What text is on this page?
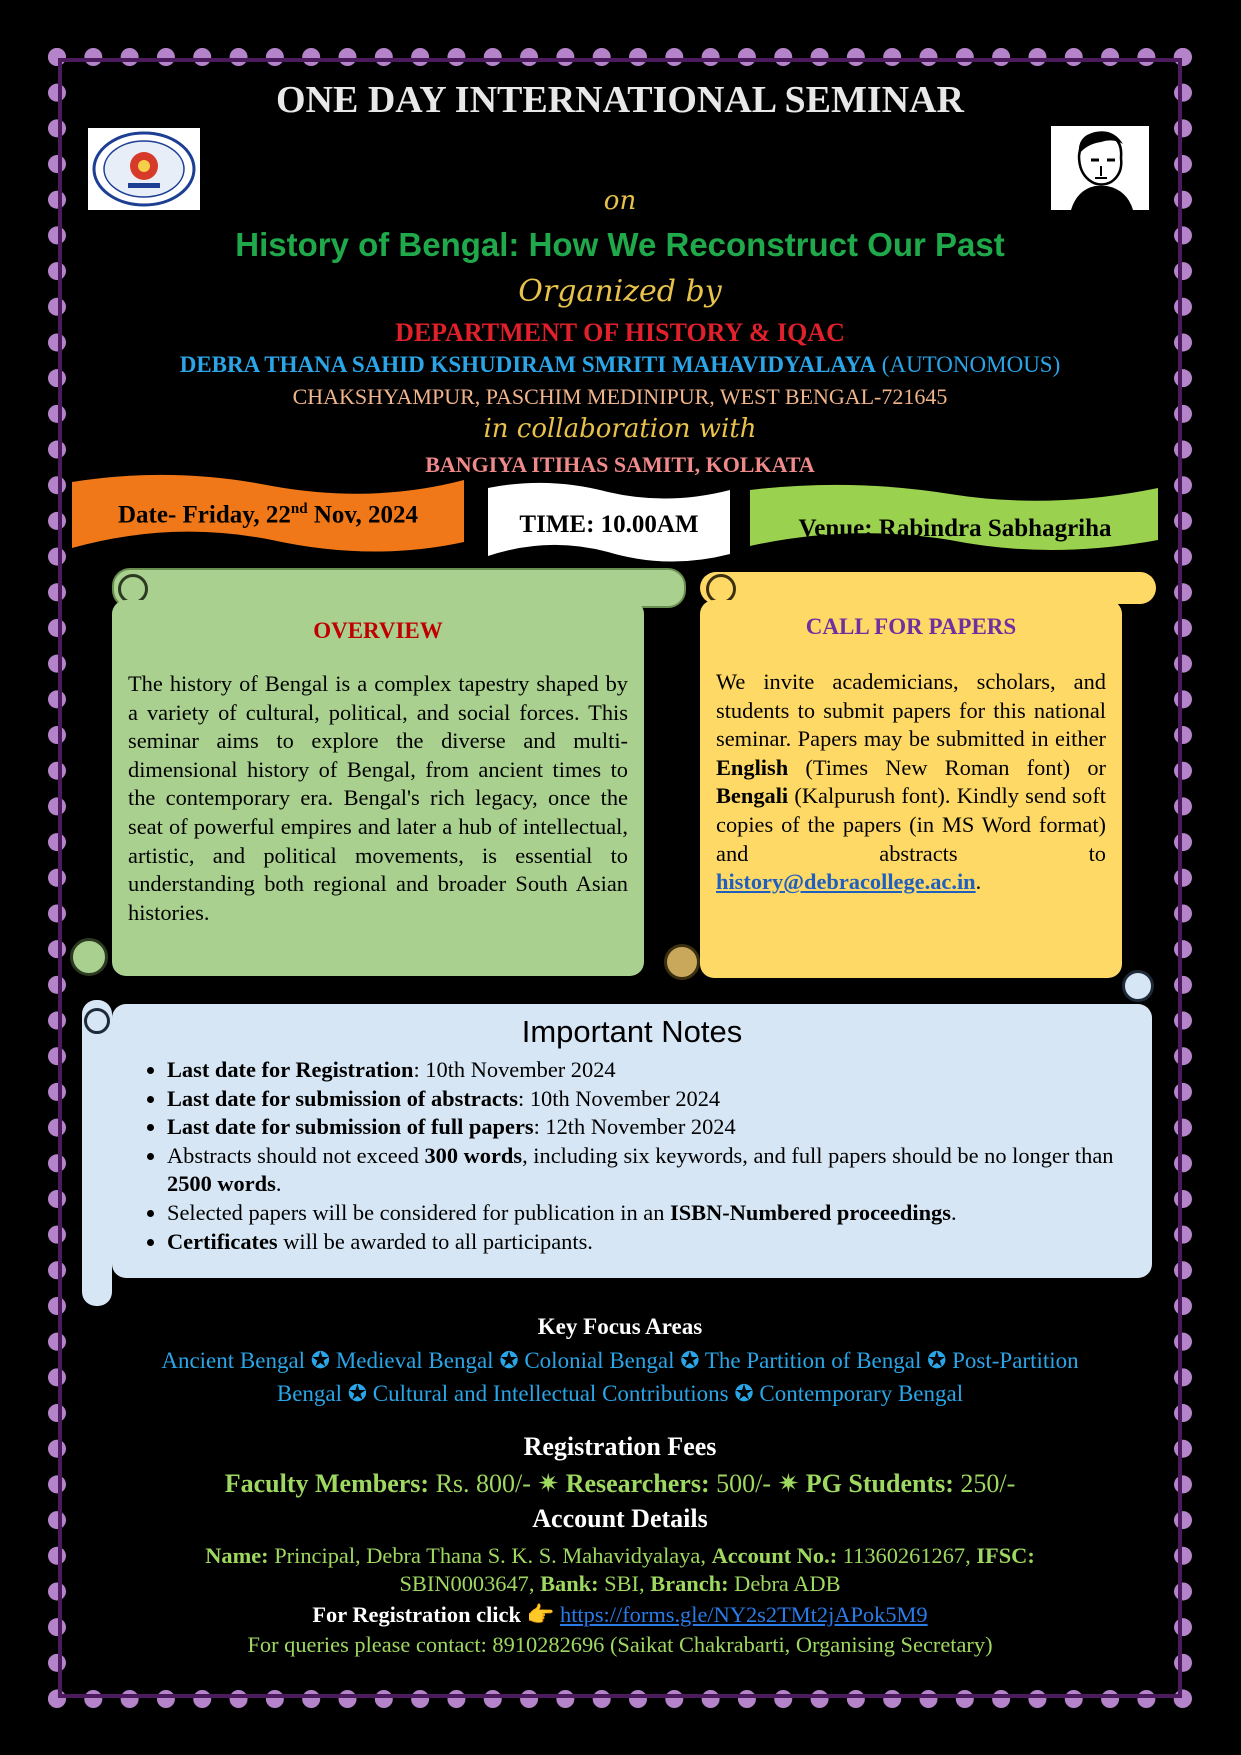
ONE DAY INTERNATIONAL SEMINAR
on
History of Bengal: How We Reconstruct Our Past
Organized by
DEPARTMENT OF HISTORY & IQAC
DEBRA THANA SAHID KSHUDIRAM SMRITI MAHAVIDYALAYA (AUTONOMOUS)
CHAKSHYAMPUR, PASCHIM MEDINIPUR, WEST BENGAL-721645
in collaboration with
BANGIYA ITIHAS SAMITI, KOLKATA
Date- Friday, 22nd Nov, 2024	TIME: 10.00AM	Venue: Rabindra Sabhagriha
OVERVIEW

The history of Bengal is a complex tapestry shaped by a variety of cultural, political, and social forces. This seminar aims to explore the diverse and multi-dimensional history of Bengal, from ancient times to the contemporary era. Bengal's rich legacy, once the seat of powerful empires and later a hub of intellectual, artistic, and political movements, is essential to understanding both regional and broader South Asian histories.

CALL FOR PAPERS

We invite academicians, scholars, and students to submit papers for this national seminar. Papers may be submitted in either English (Times New Roman font) or Bengali (Kalpurush font). Kindly send soft copies of the papers (in MS Word format) and abstracts to history@debracollege.ac.in.

Important Notes
• Last date for Registration: 10th November 2024
• Last date for submission of abstracts: 10th November 2024
• Last date for submission of full papers: 12th November 2024
• Abstracts should not exceed 300 words, including six keywords, and full papers should be no longer than 2500 words.
• Selected papers will be considered for publication in an ISBN-Numbered proceedings.
• Certificates will be awarded to all participants.
Key Focus Areas
Ancient Bengal ✪ Medieval Bengal ✪ Colonial Bengal ✪ The Partition of Bengal ✪ Post-Partition
Bengal ✪ Cultural and Intellectual Contributions ✪ Contemporary Bengal
Registration Fees
Faculty Members: Rs. 800/- ✷ Researchers: 500/- ✷ PG Students: 250/-
Account Details
Name: Principal, Debra Thana S. K. S. Mahavidyalaya, Account No.: 11360261267, IFSC: SBIN0003647, Bank: SBI, Branch: Debra ADB
For Registration click 👉 https://forms.gle/NY2s2TMt2jAPok5M9
For queries please contact: 8910282696 (Saikat Chakrabarti, Organising Secretary)
